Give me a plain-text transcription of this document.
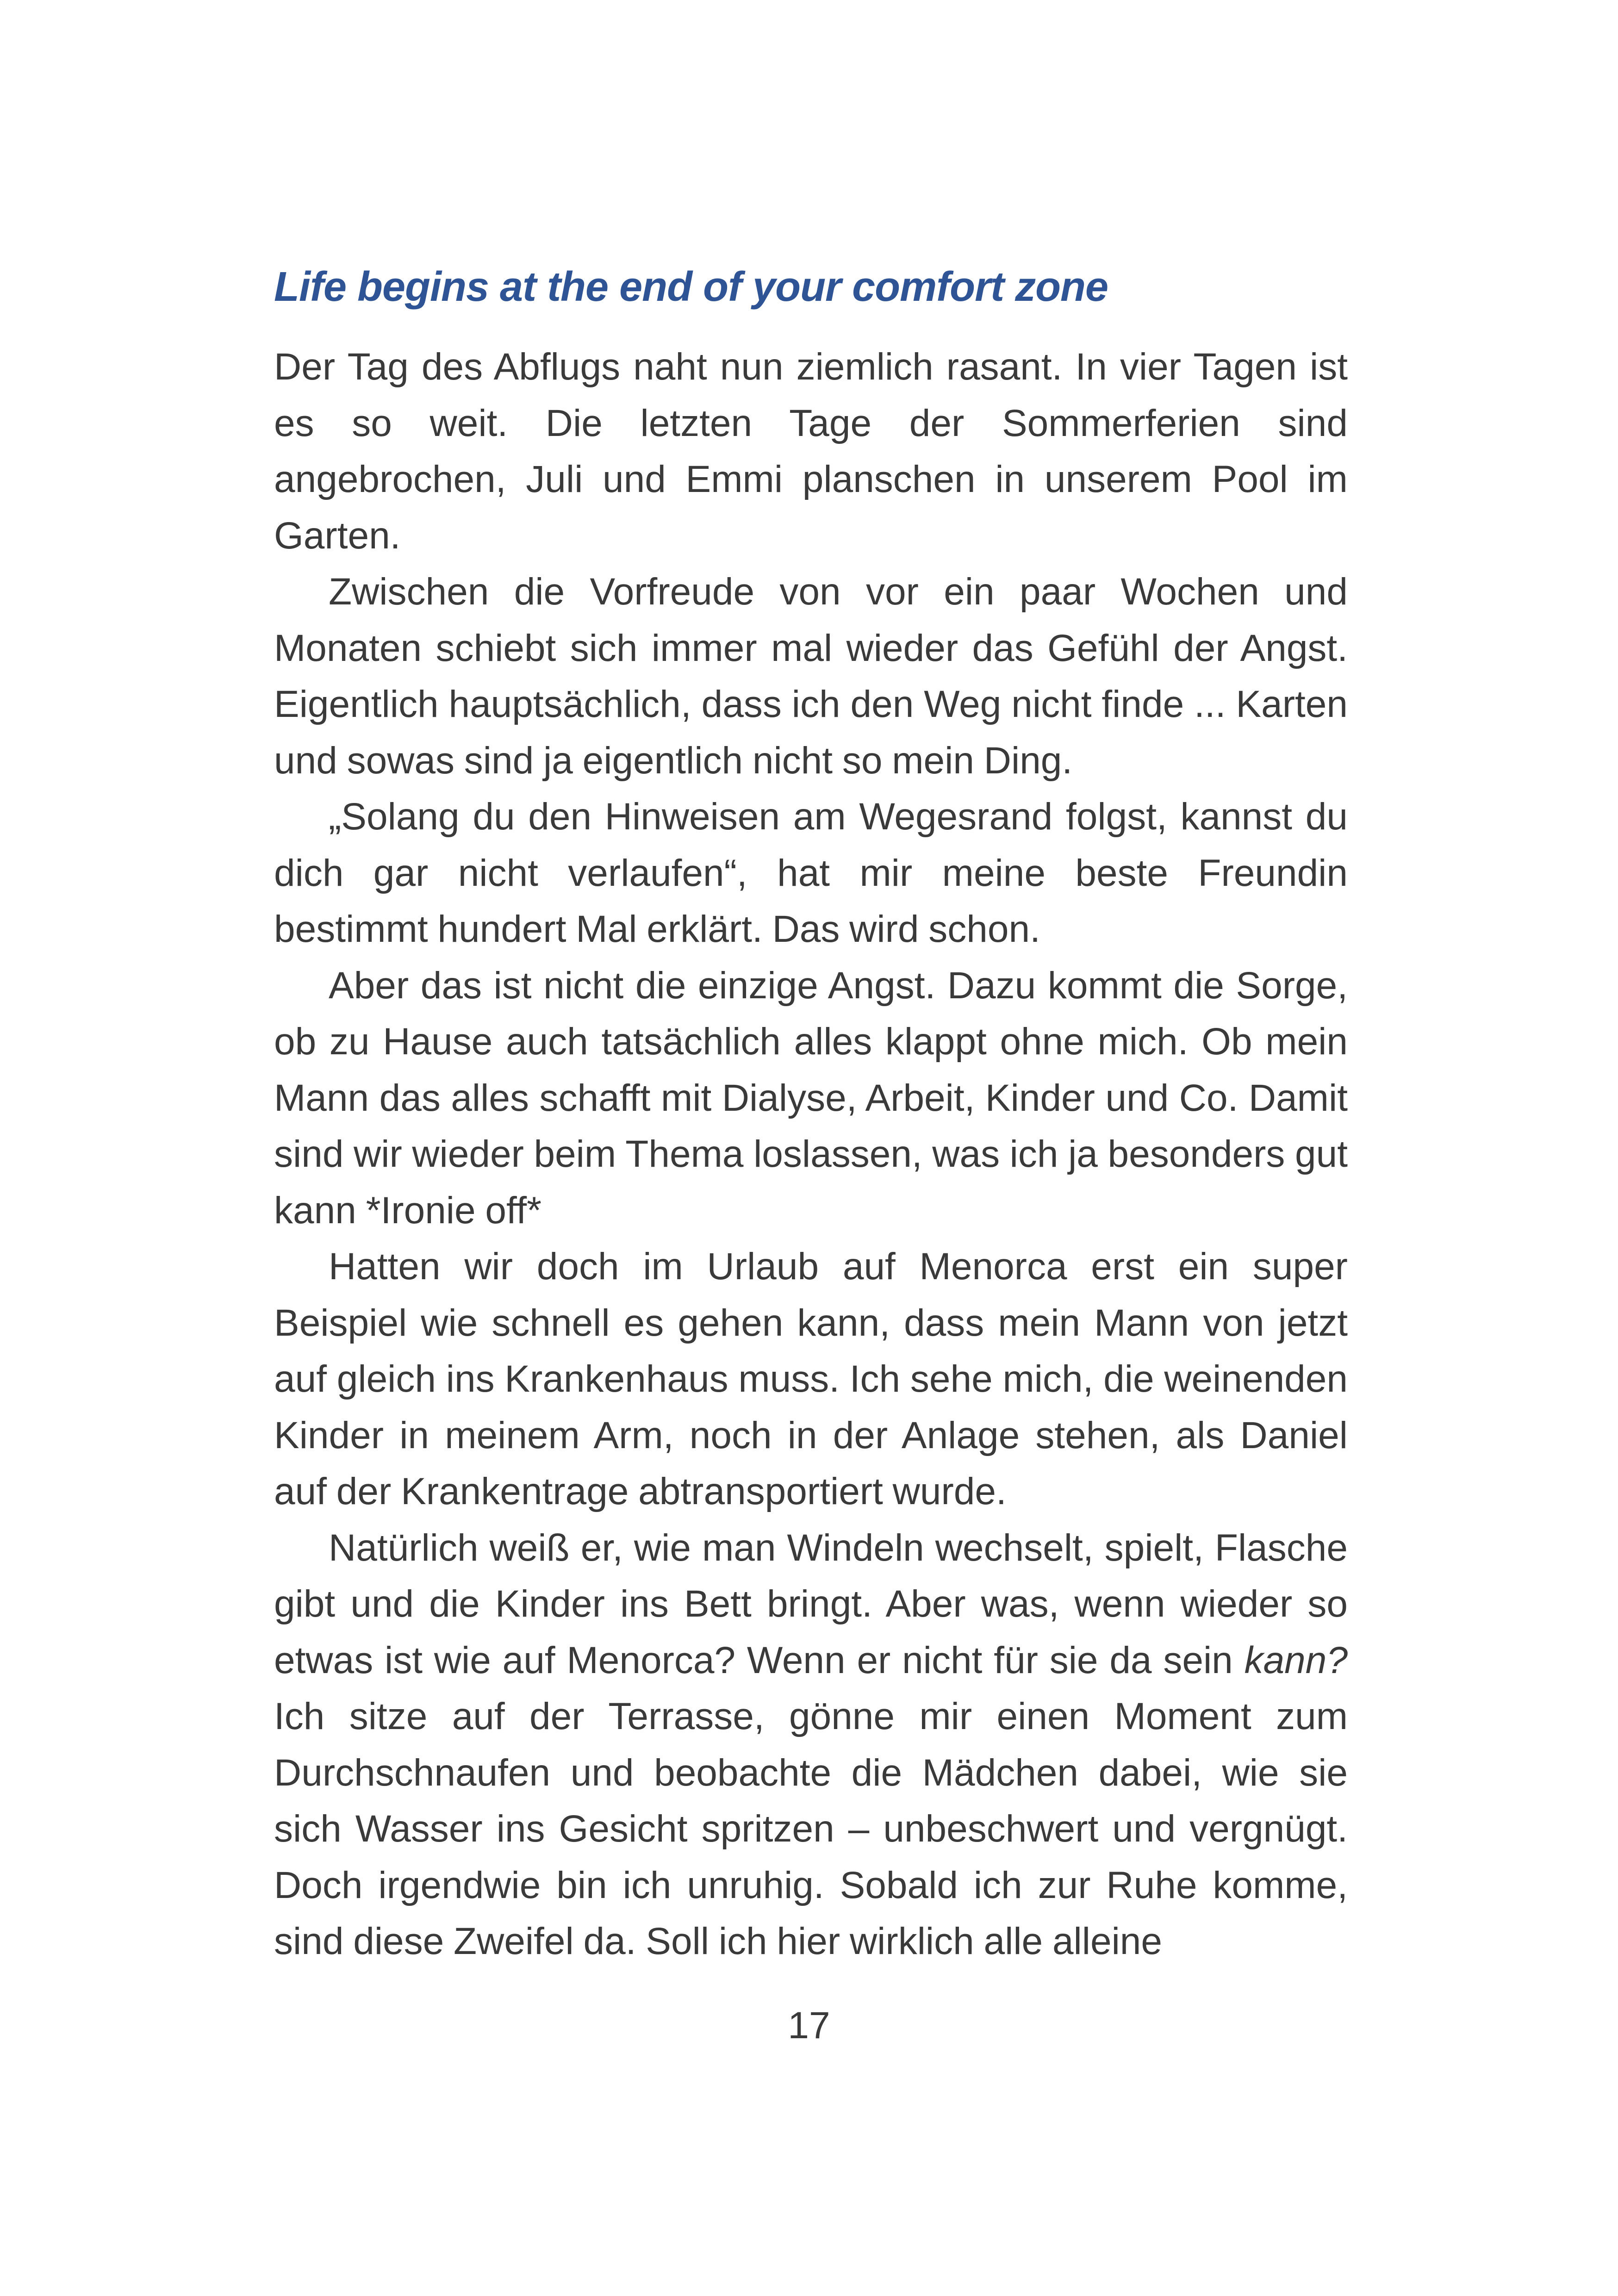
Life begins at the end of your comfort zone

Der Tag des Abflugs naht nun ziemlich rasant. In vier Tagen ist es so weit. Die letzten Tage der Sommerferien sind angebrochen, Juli und Emmi planschen in unserem Pool im Garten.

Zwischen die Vorfreude von vor ein paar Wochen und Monaten schiebt sich immer mal wieder das Gefühl der Angst. Eigentlich hauptsächlich, dass ich den Weg nicht finde ... Karten und sowas sind ja eigentlich nicht so mein Ding.

„Solang du den Hinweisen am Wegesrand folgst, kannst du dich gar nicht verlaufen“, hat mir meine beste Freundin bestimmt hundert Mal erklärt. Das wird schon.

Aber das ist nicht die einzige Angst. Dazu kommt die Sorge, ob zu Hause auch tatsächlich alles klappt ohne mich. Ob mein Mann das alles schafft mit Dialyse, Arbeit, Kinder und Co. Damit sind wir wieder beim Thema loslassen, was ich ja besonders gut kann *Ironie off*

Hatten wir doch im Urlaub auf Menorca erst ein super Beispiel wie schnell es gehen kann, dass mein Mann von jetzt auf gleich ins Krankenhaus muss. Ich sehe mich, die weinenden Kinder in meinem Arm, noch in der Anlage stehen, als Daniel auf der Krankentrage abtransportiert wurde.

Natürlich weiß er, wie man Windeln wechselt, spielt, Flasche gibt und die Kinder ins Bett bringt. Aber was, wenn wieder so etwas ist wie auf Menorca? Wenn er nicht für sie da sein kann? Ich sitze auf der Terrasse, gönne mir einen Moment zum Durchschnaufen und beobachte die Mädchen dabei, wie sie sich Wasser ins Gesicht spritzen – unbeschwert und vergnügt. Doch irgendwie bin ich unruhig. Sobald ich zur Ruhe komme, sind diese Zweifel da. Soll ich hier wirklich alle alleine

17
